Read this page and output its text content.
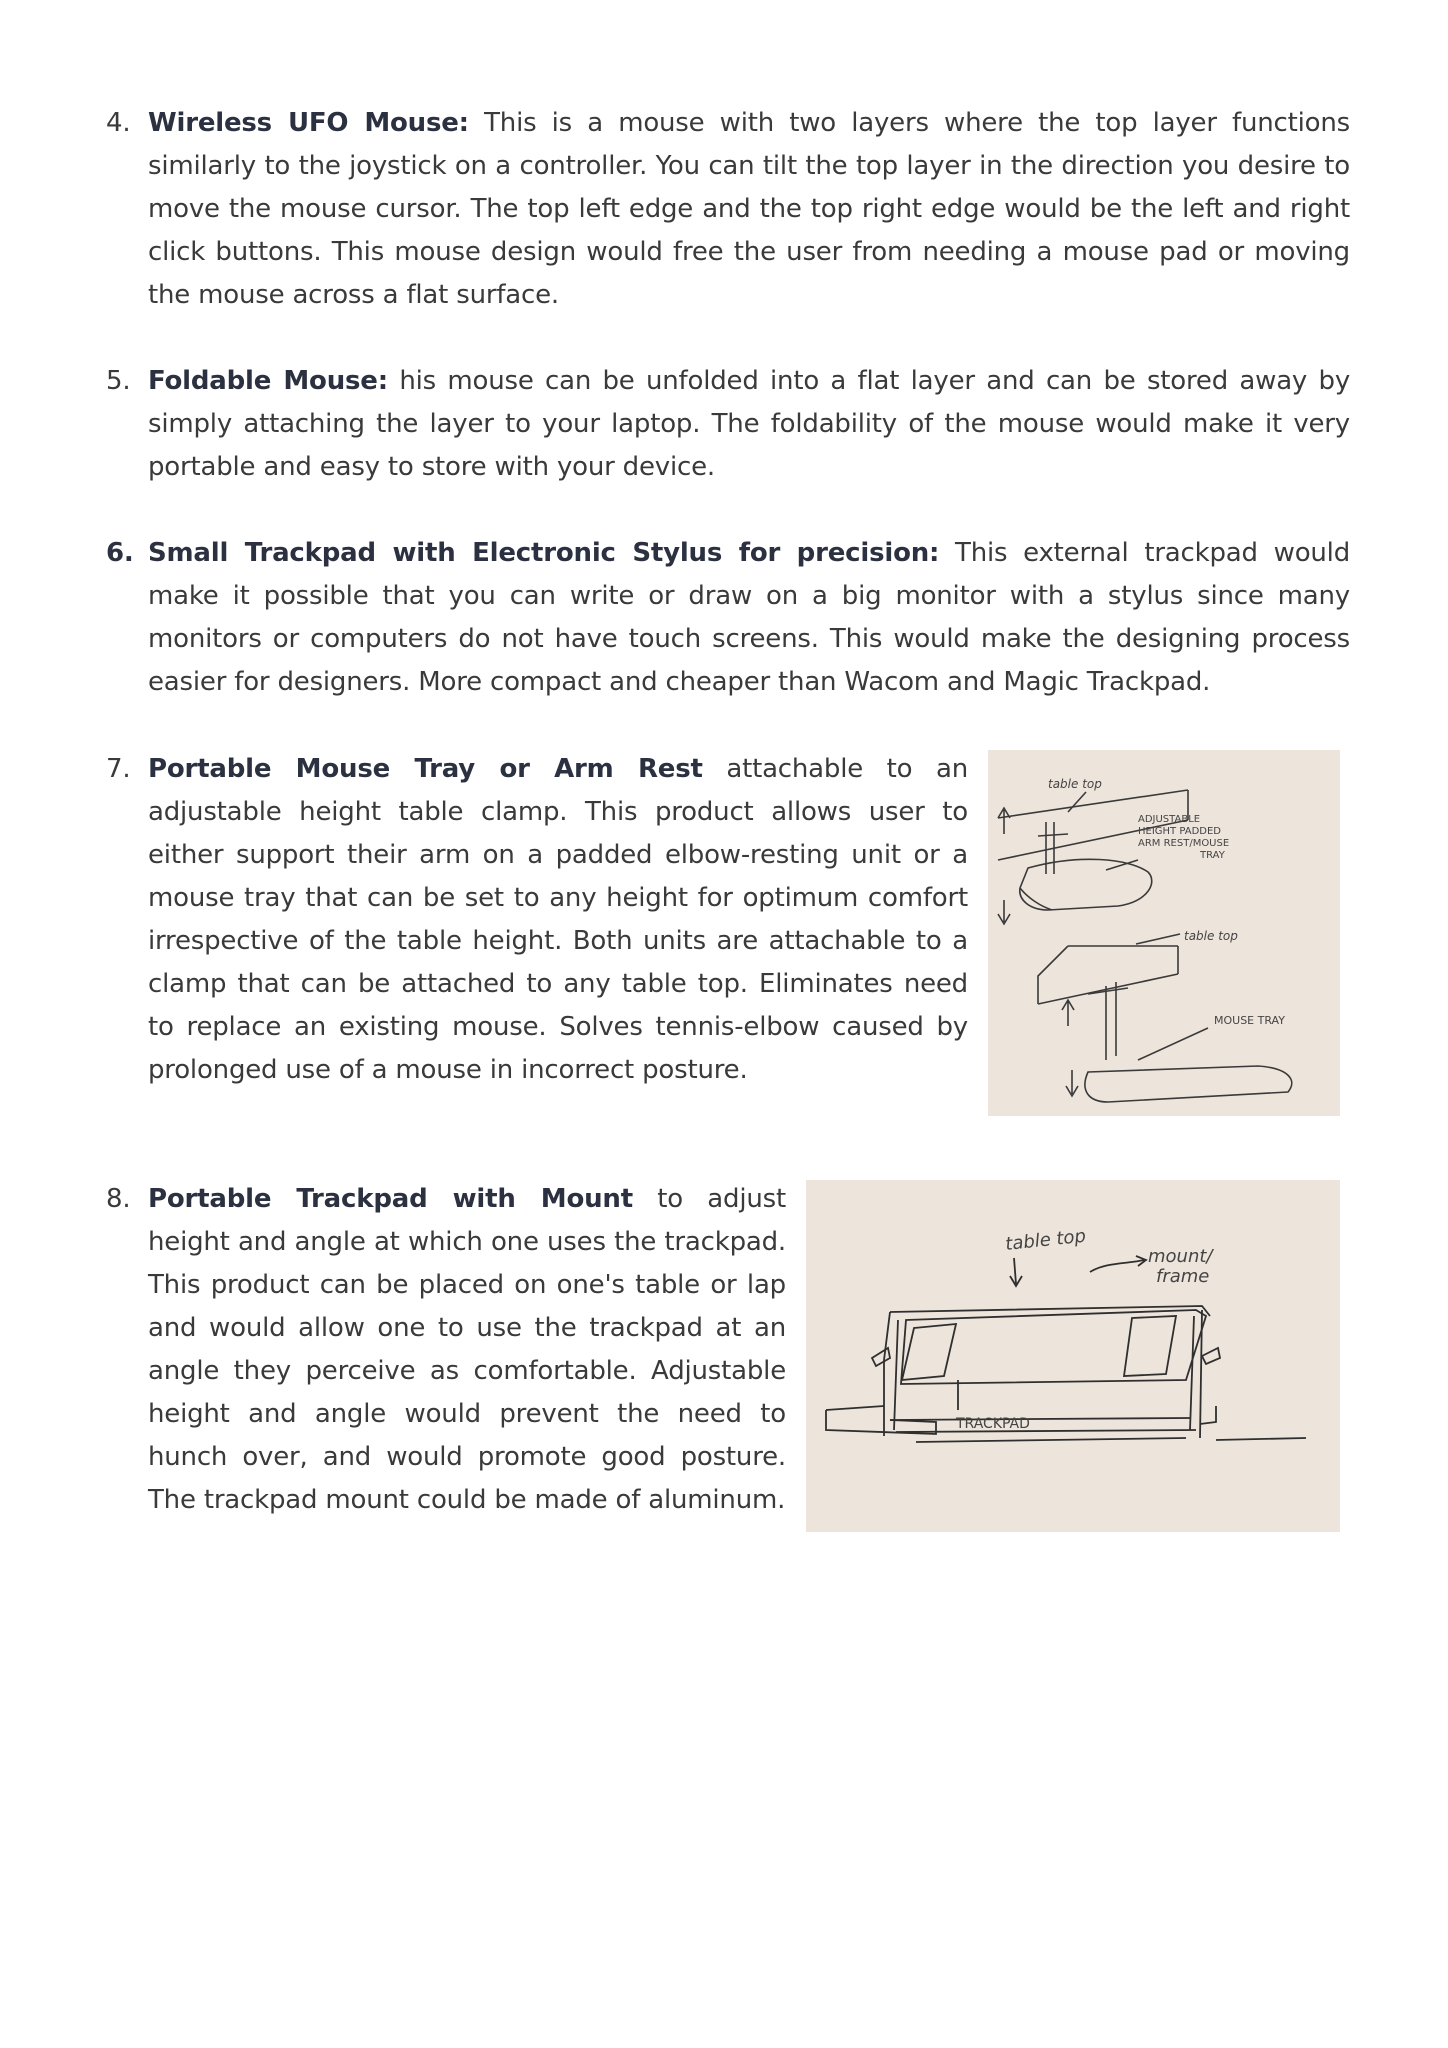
4. Wireless UFO Mouse: This is a mouse with two layers where the top layer functions similarly to the joystick on a controller. You can tilt the top layer in the direction you desire to move the mouse cursor. The top left edge and the top right edge would be the left and right click buttons. This mouse design would free the user from needing a mouse pad or moving the mouse across a flat surface.
5. Foldable Mouse: his mouse can be unfolded into a flat layer and can be stored away by simply attaching the layer to your laptop. The foldability of the mouse would make it very portable and easy to store with your device.
6. Small Trackpad with Electronic Stylus for precision: This external trackpad would make it possible that you can write or draw on a big monitor with a stylus since many monitors or computers do not have touch screens. This would make the designing process easier for designers. More compact and cheaper than Wacom and Magic Trackpad.
7. Portable Mouse Tray or Arm Rest attachable to an adjustable height table clamp. This product allows user to either support their arm on a padded elbow-resting unit or a mouse tray that can be set to any height for optimum comfort irrespective of the table height. Both units are attachable to a clamp that can be attached to any table top. Eliminates need to replace an existing mouse. Solves tennis-elbow caused by prolonged use of a mouse in incorrect posture.
table top
ADJUSTABLE
HEIGHT PADDED
ARM REST/MOUSE
TRAY
table top
MOUSE TRAY
8. Portable Trackpad with Mount to adjust height and angle at which one uses the trackpad. This product can be placed on one's table or lap and would allow one to use the trackpad at an angle they perceive as comfortable. Adjustable height and angle would prevent the need to hunch over, and would promote good posture. The trackpad mount could be made of aluminum.
table top
mount/
frame
TRACKPAD
